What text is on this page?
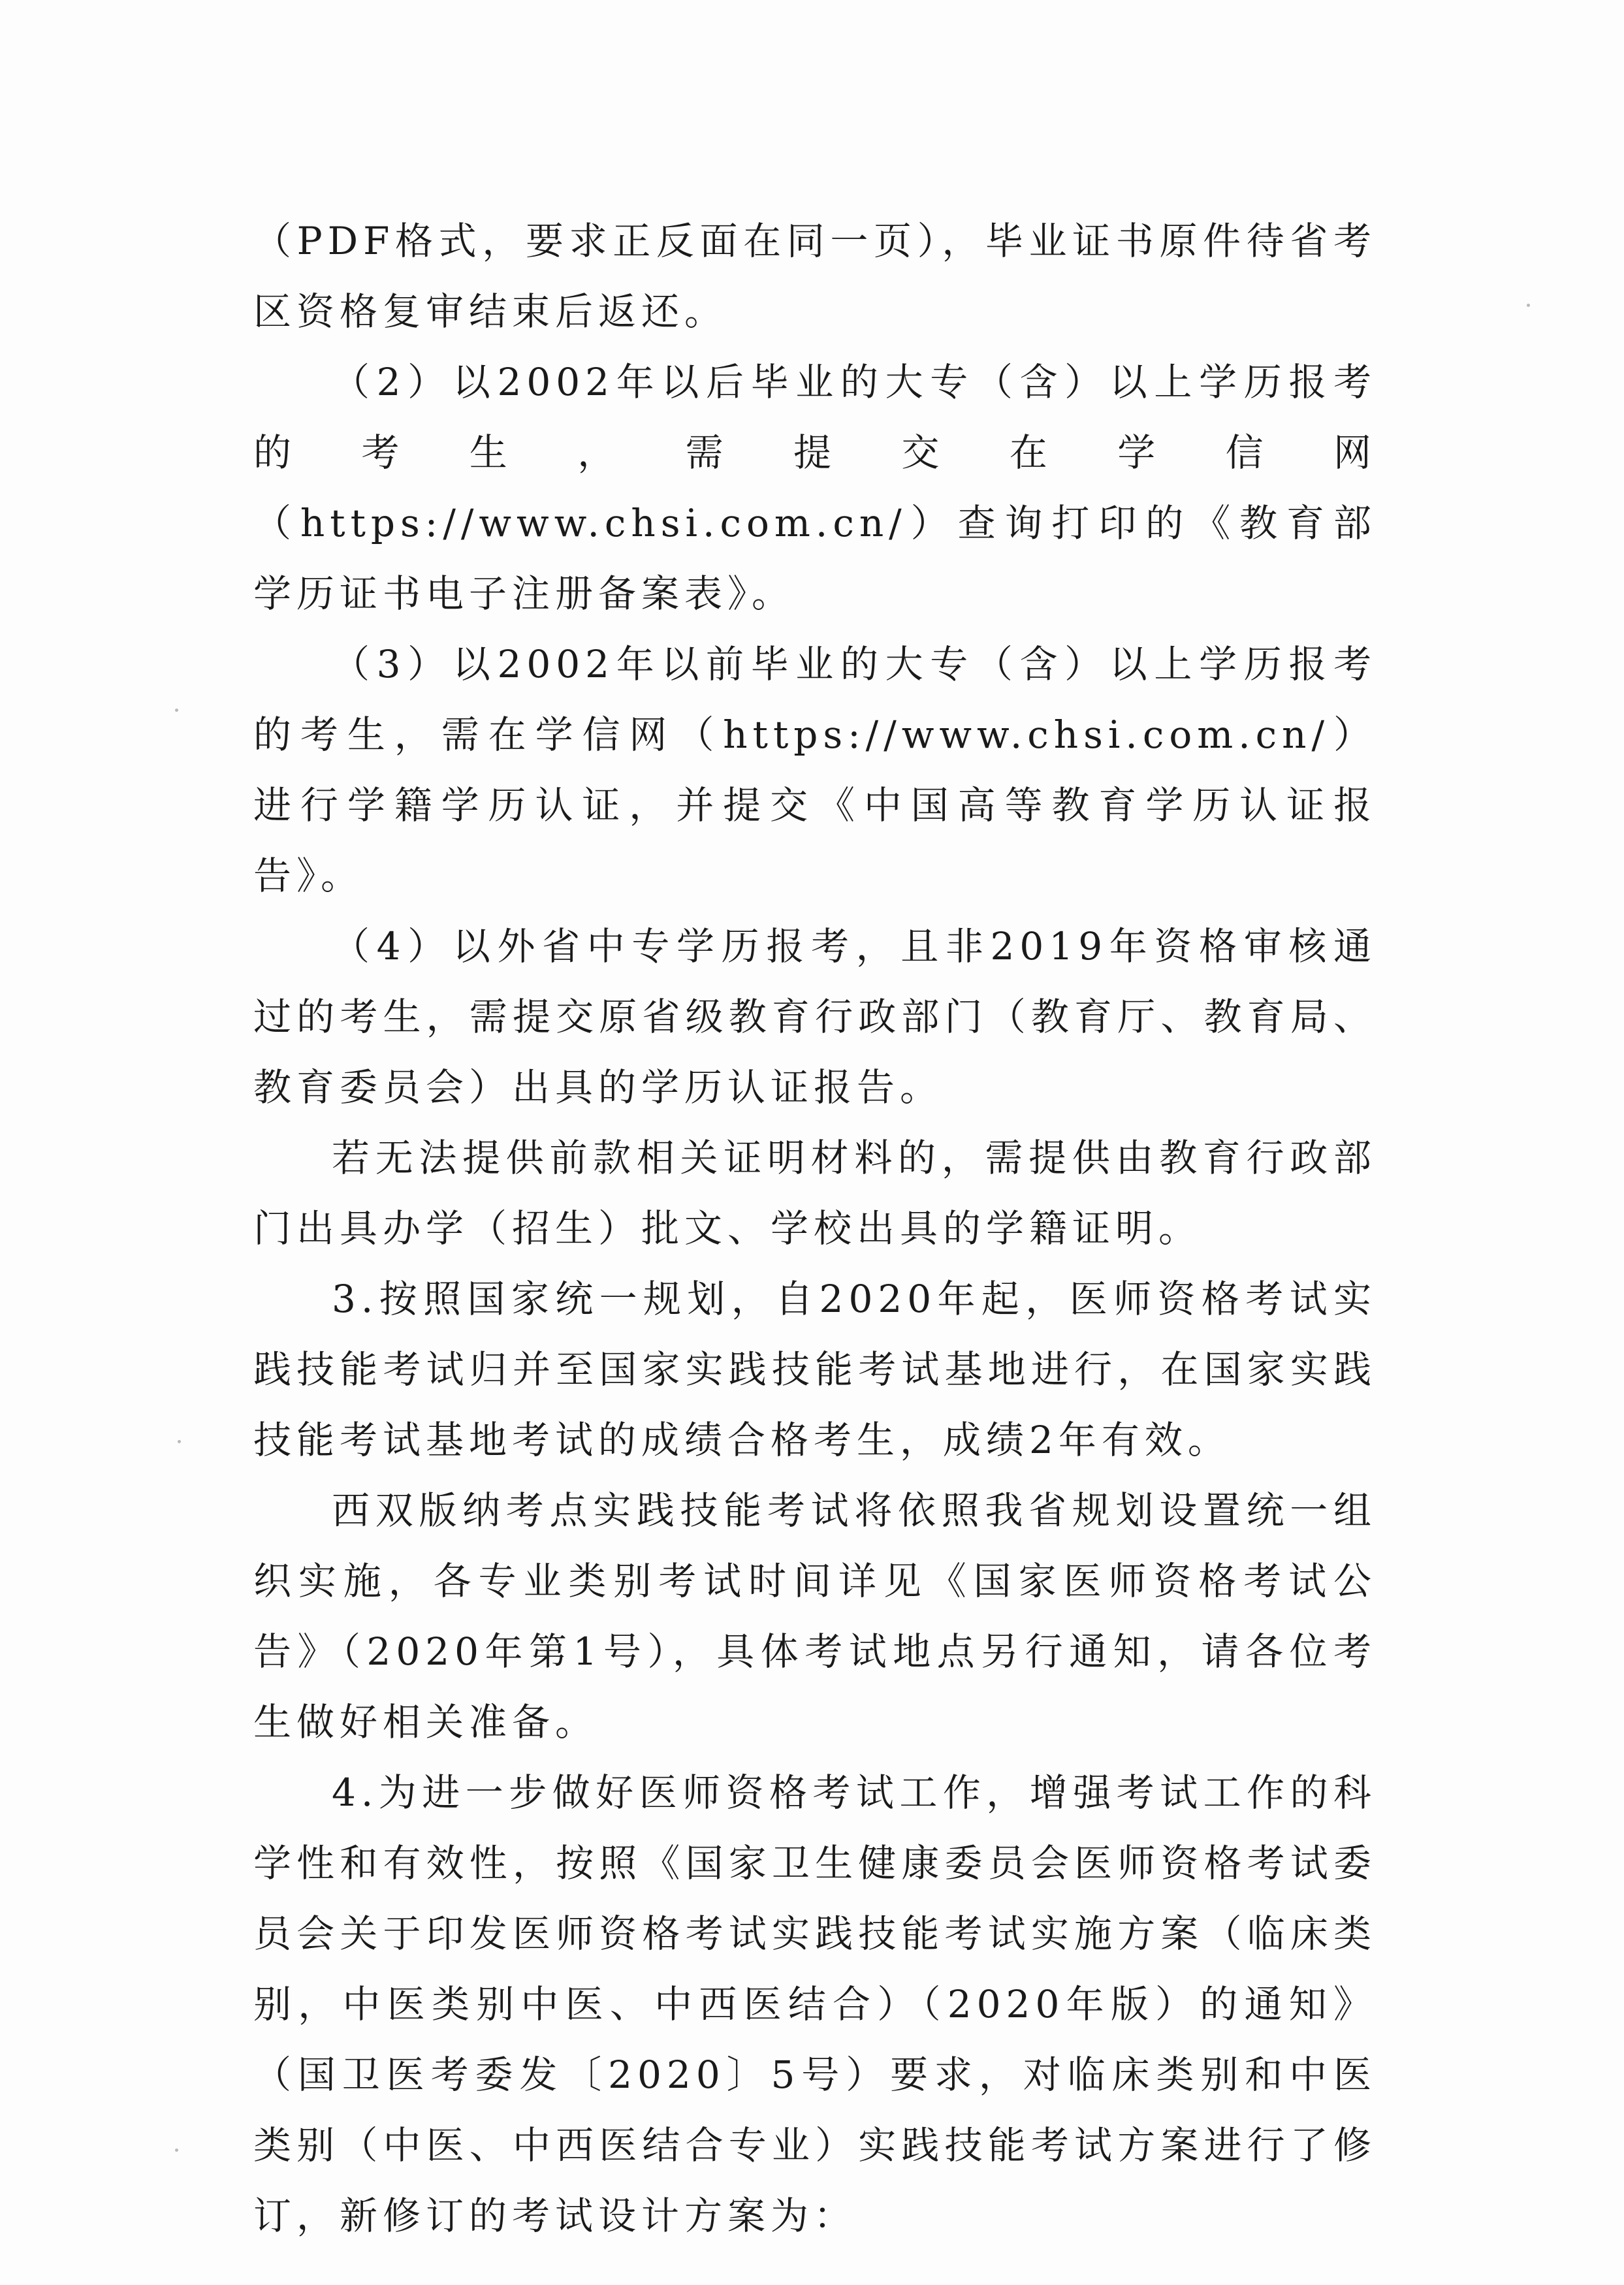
（PDF格式，要求正反面在同一页），毕业证书原件待省考区资格复审结束后返还。

（2）以2002年以后毕业的大专（含）以上学历报考的考生，需提交在学信网（https://www.chsi.com.cn/）查询打印的《教育部学历证书电子注册备案表》。

（3）以2002年以前毕业的大专（含）以上学历报考的考生，需在学信网（https://www.chsi.com.cn/）进行学籍学历认证，并提交《中国高等教育学历认证报告》。

（4）以外省中专学历报考，且非2019年资格审核通过的考生，需提交原省级教育行政部门（教育厅、教育局、教育委员会）出具的学历认证报告。

若无法提供前款相关证明材料的，需提供由教育行政部门出具办学（招生）批文、学校出具的学籍证明。

3.按照国家统一规划，自2020年起，医师资格考试实践技能考试归并至国家实践技能考试基地进行，在国家实践技能考试基地考试的成绩合格考生，成绩2年有效。

西双版纳考点实践技能考试将依照我省规划设置统一组织实施，各专业类别考试时间详见《国家医师资格考试公告》（2020年第1号），具体考试地点另行通知，请各位考生做好相关准备。

4.为进一步做好医师资格考试工作，增强考试工作的科学性和有效性，按照《国家卫生健康委员会医师资格考试委员会关于印发医师资格考试实践技能考试实施方案（临床类别，中医类别中医、中西医结合）（2020年版）的通知》（国卫医考委发〔2020〕5号）要求，对临床类别和中医类别（中医、中西医结合专业）实践技能考试方案进行了修订，新修订的考试设计方案为：
